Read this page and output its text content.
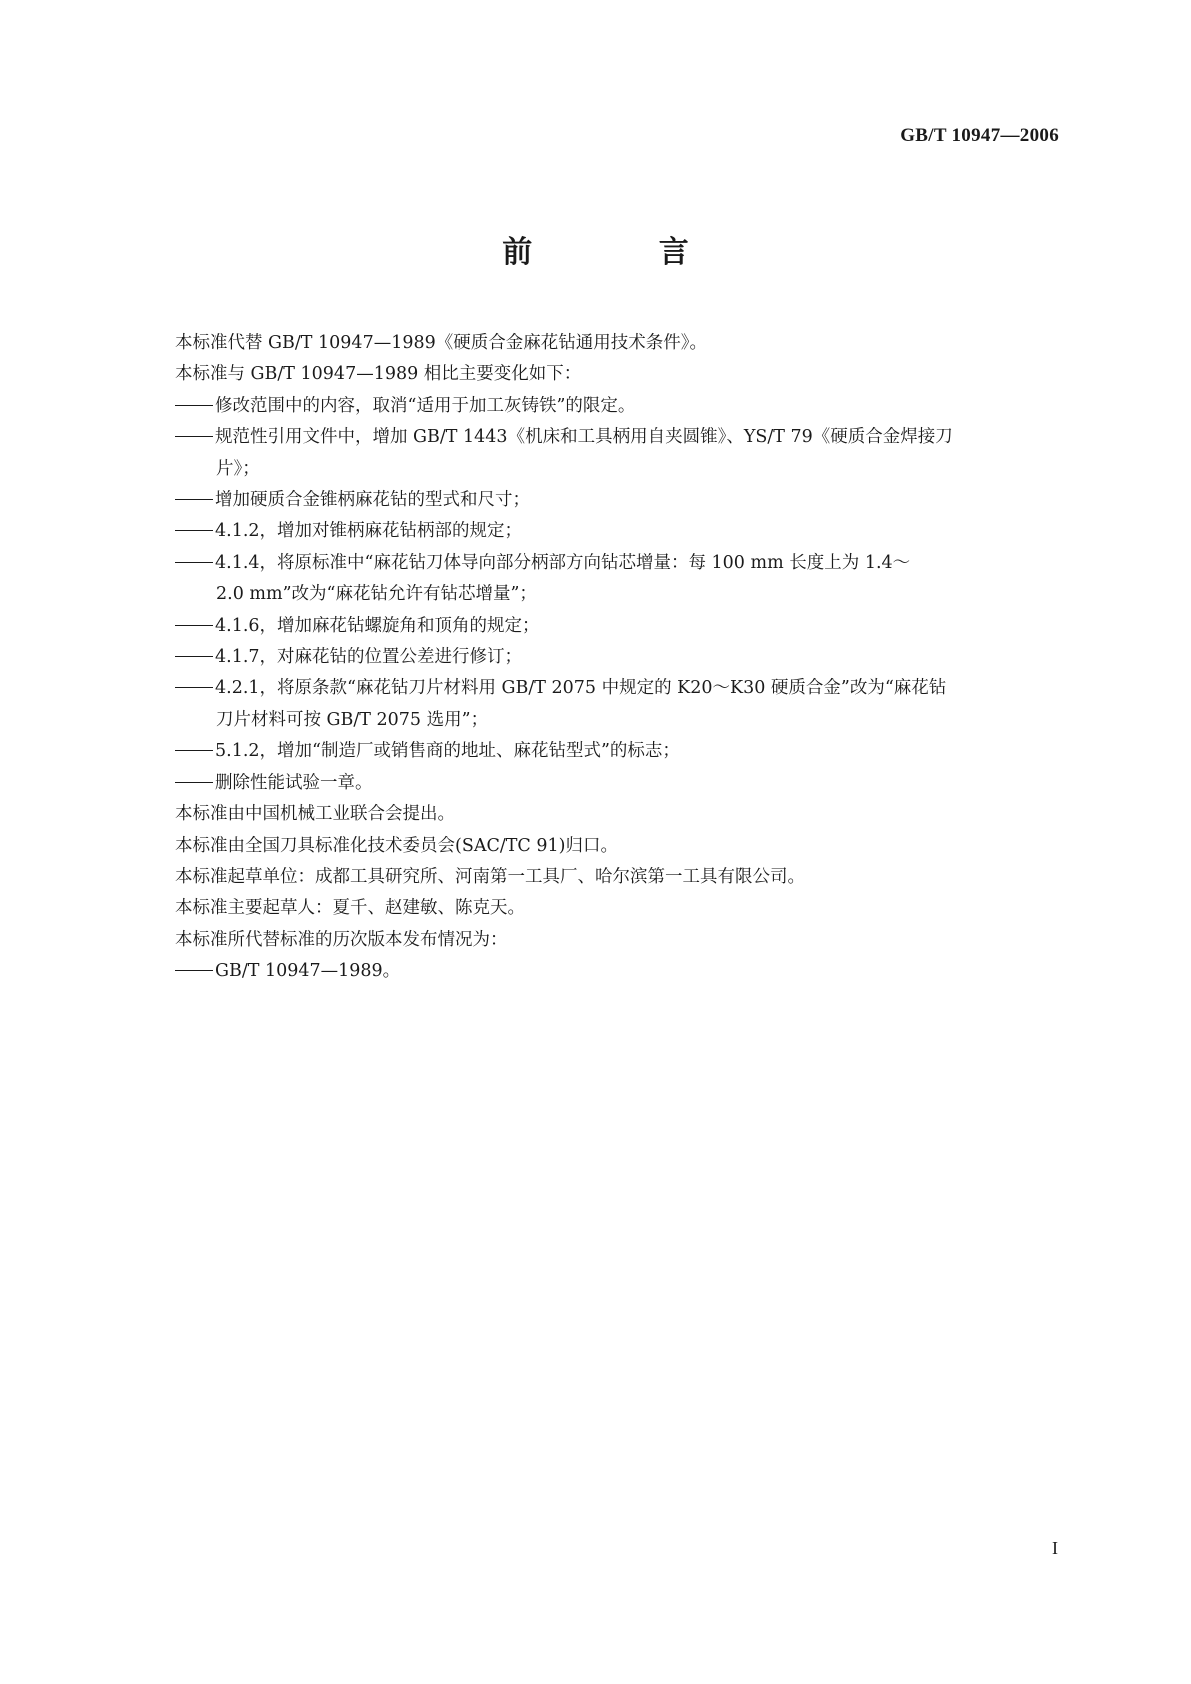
GB/T 10947—2006
前 言

本标准代替 GB/T 10947—1989《硬质合金麻花钻通用技术条件》。

本标准与 GB/T 10947—1989 相比主要变化如下：

修改范围中的内容，取消“适用于加工灰铸铁”的限定。

规范性引用文件中，增加 GB/T 1443《机床和工具柄用自夹圆锥》、YS/T 79《硬质合金焊接刀

片》；

增加硬质合金锥柄麻花钻的型式和尺寸；

4.1.2，增加对锥柄麻花钻柄部的规定；

4.1.4，将原标准中“麻花钻刀体导向部分柄部方向钻芯增量：每 100 mm 长度上为 1.4～

2.0 mm”改为“麻花钻允许有钻芯增量”；

4.1.6，增加麻花钻螺旋角和顶角的规定；

4.1.7，对麻花钻的位置公差进行修订；

4.2.1，将原条款“麻花钻刀片材料用 GB/T 2075 中规定的 K20～K30 硬质合金”改为“麻花钻

刀片材料可按 GB/T 2075 选用”；

5.1.2，增加“制造厂或销售商的地址、麻花钻型式”的标志；

删除性能试验一章。

本标准由中国机械工业联合会提出。

本标准由全国刀具标准化技术委员会(SAC/TC 91)归口。

本标准起草单位：成都工具研究所、河南第一工具厂、哈尔滨第一工具有限公司。

本标准主要起草人：夏千、赵建敏、陈克天。

本标准所代替标准的历次版本发布情况为：

GB/T 10947—1989。

I
